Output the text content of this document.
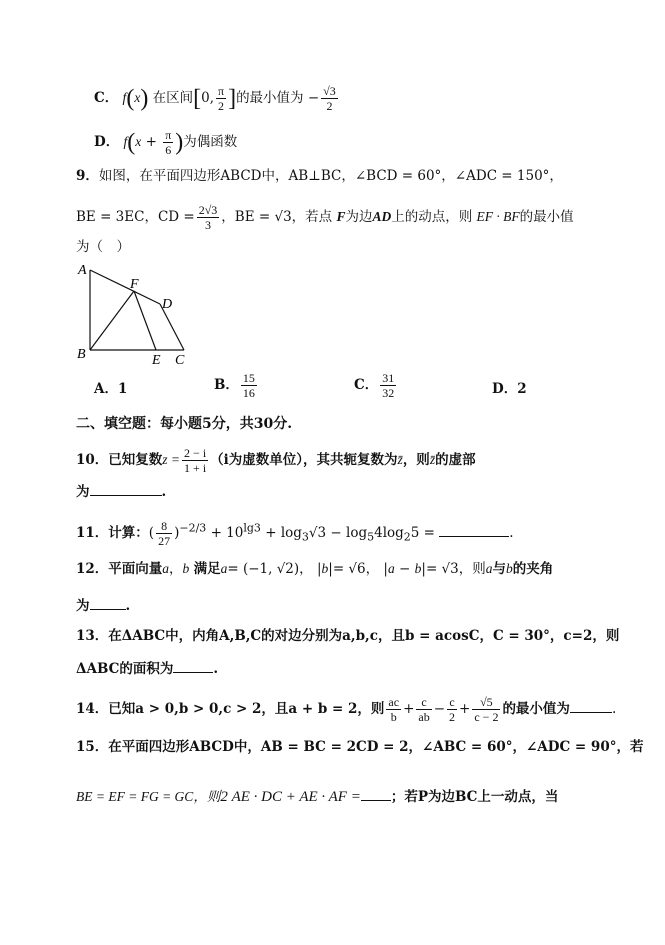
C． f(x) 在区间[0, $\frac{\pi}{2}$ ]的最小值为 − $\frac{√3}{2}$
D． $f(x + \frac{\pi}{6}$ )为偶函数
9．如图，在平面四边形ABCD中，AB⊥BC，∠BCD = 60°，∠ADC = 150°，
BE = 3EC，CD = $\frac{2√3}{3}$ ，BE = √3，若点 F为边AD上的动点，则 EF · BF的最小值
为（　）
A
F
D
B	E C
A．1	B． $\frac{15}{16}$	C． $\frac{31}{32}$	D．2
二、填空题：每小题5分，共30分.
10．已知复数$z = \frac{2 - i}{1 + i} (i$为虚数单位），其共轭复数为z̄，则z̄的虚部
为	.
11．计算：( $\frac{8}{27} )^{-2/3} + 10^{lg3} + \log_3√3 - \log_54\log_25$ =	.
12．平面向量a，b 满足a= (−1, √2)， |b|= √6， |a − b|= √3，则a与b的夹角
为	.
13．在ΔABC中，内角A,B,C的对边分别为a,b,c，且b = acosC，C = 30°，c=2，则
ΔABC的面积为	.
14．已知a > 0,b > 0,c > 2，且a + b = 2，则 $\frac{ac}{b} + \frac{c}{ab} - \frac{c}{2} + \frac{√5}{c - 2}$ 的最小值为	.
15．在平面四边形ABCD中，AB = BC = 2CD = 2，∠ABC = 60°，∠ADC = 90°，若
BE = EF = FG = GC，则2 AE · DC + AE · AF = ；若P为边BC上一动点，当
